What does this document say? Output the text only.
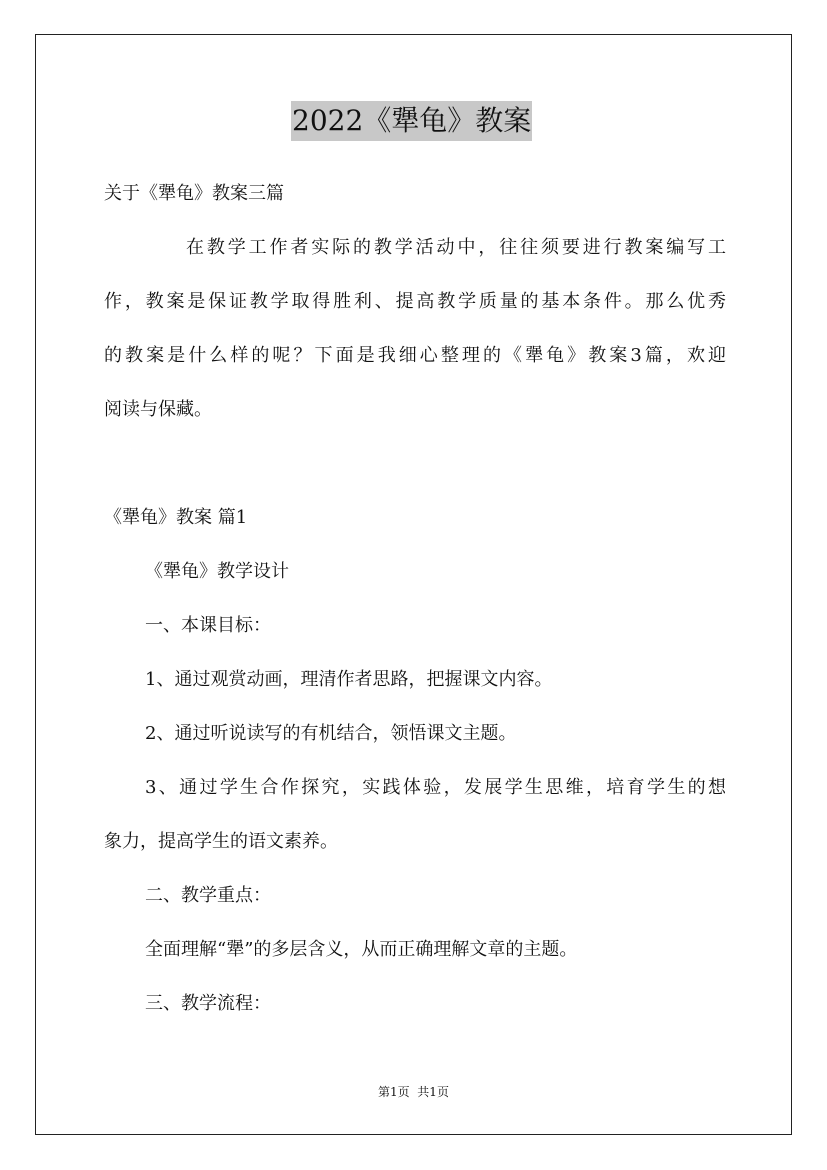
2022《犟龟》教案
关于《犟龟》教案三篇
在教学工作者实际的教学活动中，往往须要进行教案编写工
作，教案是保证教学取得胜利、提高教学质量的基本条件。那么优秀
的教案是什么样的呢？下面是我细心整理的《犟龟》教案3篇，欢迎
阅读与保藏。
《犟龟》教案 篇1
《犟龟》教学设计
一、本课目标：
1、通过观赏动画，理清作者思路，把握课文内容。
2、通过听说读写的有机结合，领悟课文主题。
3、通过学生合作探究，实践体验，发展学生思维，培育学生的想
象力，提高学生的语文素养。
二、教学重点：
全面理解“犟”的多层含义，从而正确理解文章的主题。
三、教学流程：
第1页  共1页
